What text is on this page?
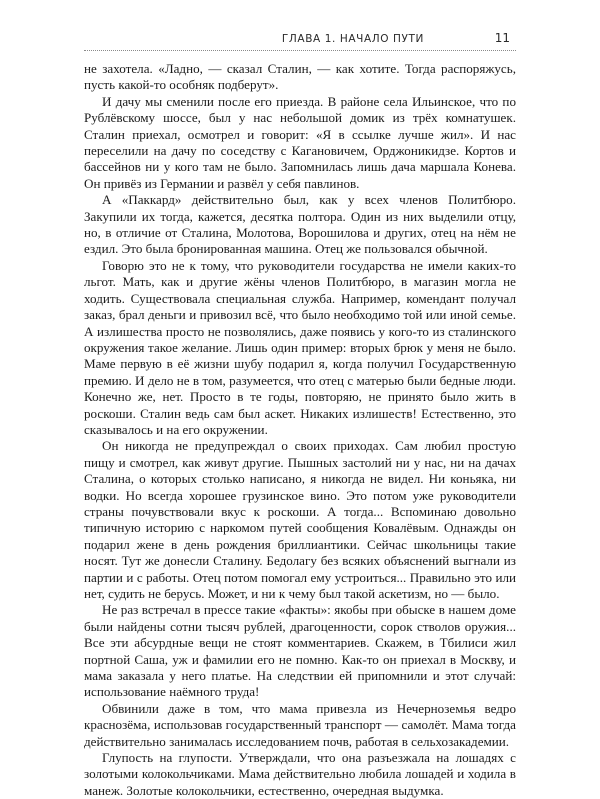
ГЛАВА 1. НАЧАЛО ПУТИ	11

не захотела. «Ладно, — сказал Сталин, — как хотите. Тогда распоряжусь, пусть какой-то особняк подберут».

И дачу мы сменили после его приезда. В районе села Ильинское, что по Рублёвскому шоссе, был у нас небольшой домик из трёх комнатушек. Сталин приехал, осмотрел и говорит: «Я в ссылке лучше жил». И нас переселили на дачу по соседству с Кагановичем, Орджоникидзе. Кортов и бассейнов ни у кого там не было. Запомнилась лишь дача маршала Конева. Он привёз из Германии и развёл у себя павлинов.

А «Паккард» действительно был, как у всех членов Политбюро. Закупили их тогда, кажется, десятка полтора. Один из них выделили отцу, но, в отличие от Сталина, Молотова, Ворошилова и других, отец на нём не ездил. Это была бронированная машина. Отец же пользовался обычной.

Говорю это не к тому, что руководители государства не имели каких-то льгот. Мать, как и другие жёны членов Политбюро, в магазин могла не ходить. Существовала специальная служба. Например, комендант получал заказ, брал деньги и привозил всё, что было необходимо той или иной семье. А излишества просто не позволялись, даже появись у кого-то из сталинского окружения такое желание. Лишь один пример: вторых брюк у меня не было. Маме первую в её жизни шубу подарил я, когда получил Государственную премию. И дело не в том, разумеется, что отец с матерью были бедные люди. Конечно же, нет. Просто в те годы, повторяю, не принято было жить в роскоши. Сталин ведь сам был аскет. Никаких излишеств! Естественно, это сказывалось и на его окружении.

Он никогда не предупреждал о своих приходах. Сам любил простую пищу и смотрел, как живут другие. Пышных застолий ни у нас, ни на дачах Сталина, о которых столько написано, я никогда не видел. Ни коньяка, ни водки. Но всегда хорошее грузинское вино. Это потом уже руководители страны почувствовали вкус к роскоши. А тогда... Вспоминаю довольно типичную историю с наркомом путей сообщения Ковалёвым. Однажды он подарил жене в день рождения бриллиантики. Сейчас школьницы такие носят. Тут же донесли Сталину. Бедолагу без всяких объяснений выгнали из партии и с работы. Отец потом помогал ему устроиться... Правильно это или нет, судить не берусь. Может, и ни к чему был такой аскетизм, но — было.

Не раз встречал в прессе такие «факты»: якобы при обыске в нашем доме были найдены сотни тысяч рублей, драгоценности, сорок стволов оружия... Все эти абсурдные вещи не стоят комментариев. Скажем, в Тбилиси жил портной Саша, уж и фамилии его не помню. Как-то он приехал в Москву, и мама заказала у него платье. На следствии ей припомнили и этот случай: использование наёмного труда!

Обвинили даже в том, что мама привезла из Нечерноземья ведро краснозёма, использовав государственный транспорт — самолёт. Мама тогда действительно занималась исследованием почв, работая в сельхозакадемии.

Глупость на глупости. Утверждали, что она разъезжала на лошадях с золотыми колокольчиками. Мама действительно любила лошадей и ходила в манеж. Золотые колокольчики, естественно, очередная выдумка.
